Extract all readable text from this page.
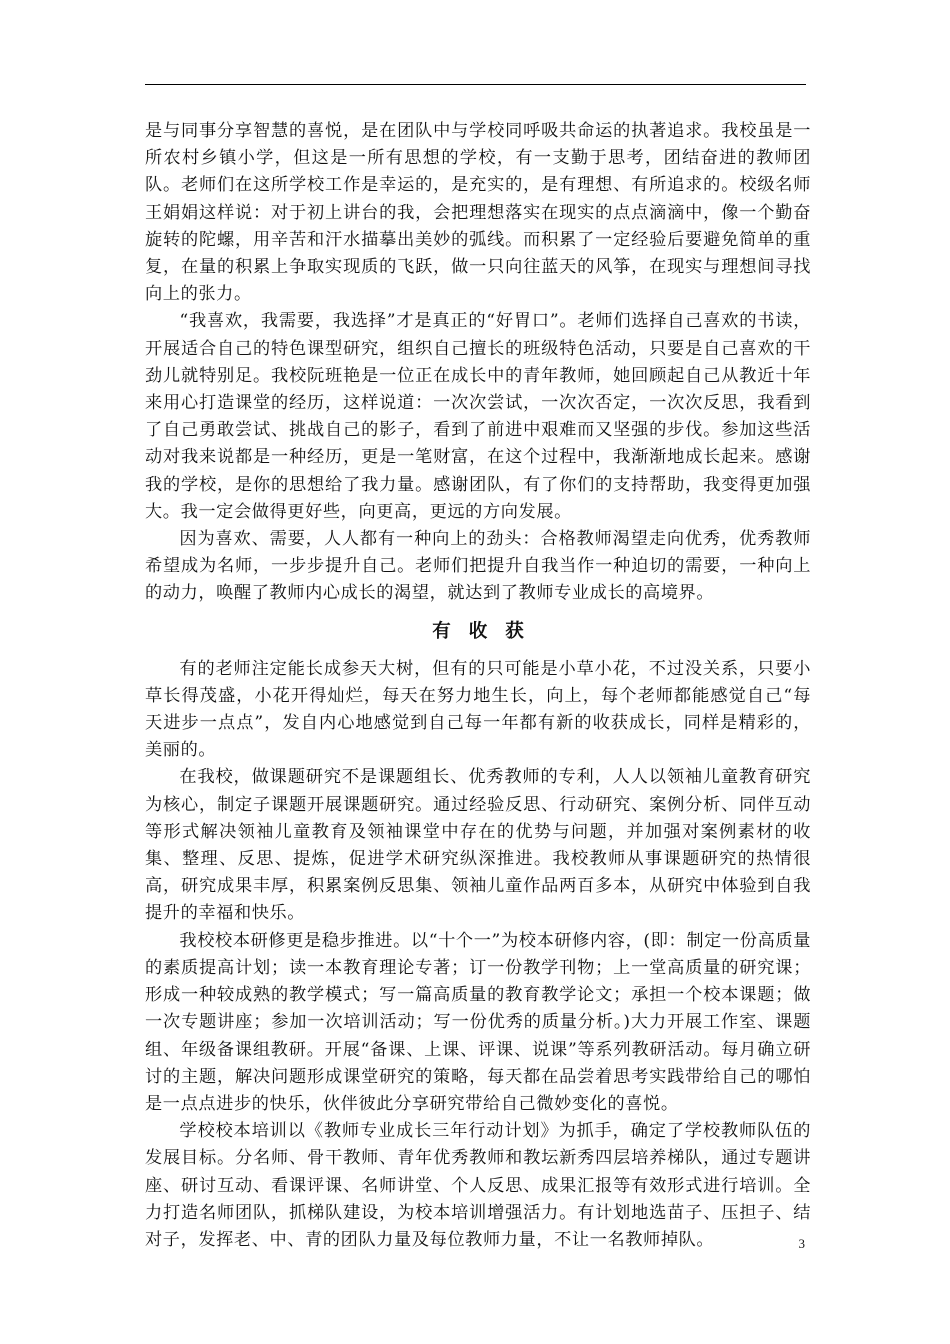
是与同事分享智慧的喜悦，是在团队中与学校同呼吸共命运的执著追求。我校虽是一所农村乡镇小学，但这是一所有思想的学校，有一支勤于思考，团结奋进的教师团队。老师们在这所学校工作是幸运的，是充实的，是有理想、有所追求的。校级名师王娟娟这样说：对于初上讲台的我，会把理想落实在现实的点点滴滴中，像一个勤奋旋转的陀螺，用辛苦和汗水描摹出美妙的弧线。而积累了一定经验后要避免简单的重复，在量的积累上争取实现质的飞跃，做一只向往蓝天的风筝，在现实与理想间寻找向上的张力。

“我喜欢，我需要，我选择”才是真正的“好胃口”。老师们选择自己喜欢的书读，开展适合自己的特色课型研究，组织自己擅长的班级特色活动，只要是自己喜欢的干劲儿就特别足。我校阮班艳是一位正在成长中的青年教师，她回顾起自己从教近十年来用心打造课堂的经历，这样说道：一次次尝试，一次次否定，一次次反思，我看到了自己勇敢尝试、挑战自己的影子，看到了前进中艰难而又坚强的步伐。参加这些活动对我来说都是一种经历，更是一笔财富，在这个过程中，我渐渐地成长起来。感谢我的学校，是你的思想给了我力量。感谢团队，有了你们的支持帮助，我变得更加强大。我一定会做得更好些，向更高，更远的方向发展。

因为喜欢、需要，人人都有一种向上的劲头：合格教师渴望走向优秀，优秀教师希望成为名师，一步步提升自己。老师们把提升自我当作一种迫切的需要，一种向上的动力，唤醒了教师内心成长的渴望，就达到了教师专业成长的高境界。

有收获

有的老师注定能长成参天大树，但有的只可能是小草小花，不过没关系，只要小草长得茂盛，小花开得灿烂，每天在努力地生长，向上，每个老师都能感觉自己“每天进步一点点”，发自内心地感觉到自己每一年都有新的收获成长，同样是精彩的，美丽的。

在我校，做课题研究不是课题组长、优秀教师的专利，人人以领袖儿童教育研究为核心，制定子课题开展课题研究。通过经验反思、行动研究、案例分析、同伴互动等形式解决领袖儿童教育及领袖课堂中存在的优势与问题，并加强对案例素材的收集、整理、反思、提炼，促进学术研究纵深推进。我校教师从事课题研究的热情很高，研究成果丰厚，积累案例反思集、领袖儿童作品两百多本，从研究中体验到自我提升的幸福和快乐。

我校校本研修更是稳步推进。以“十个一”为校本研修内容，(即：制定一份高质量的素质提高计划；读一本教育理论专著；订一份教学刊物；上一堂高质量的研究课；形成一种较成熟的教学模式；写一篇高质量的教育教学论文；承担一个校本课题；做一次专题讲座；参加一次培训活动；写一份优秀的质量分析。)大力开展工作室、课题组、年级备课组教研。开展“备课、上课、评课、说课”等系列教研活动。每月确立研讨的主题，解决问题形成课堂研究的策略，每天都在品尝着思考实践带给自己的哪怕是一点点进步的快乐，伙伴彼此分享研究带给自己微妙变化的喜悦。

学校校本培训以《教师专业成长三年行动计划》为抓手，确定了学校教师队伍的发展目标。分名师、骨干教师、青年优秀教师和教坛新秀四层培养梯队，通过专题讲座、研讨互动、看课评课、名师讲堂、个人反思、成果汇报等有效形式进行培训。全力打造名师团队，抓梯队建设，为校本培训增强活力。有计划地选苗子、压担子、结对子，发挥老、中、青的团队力量及每位教师力量，不让一名教师掉队。	3
